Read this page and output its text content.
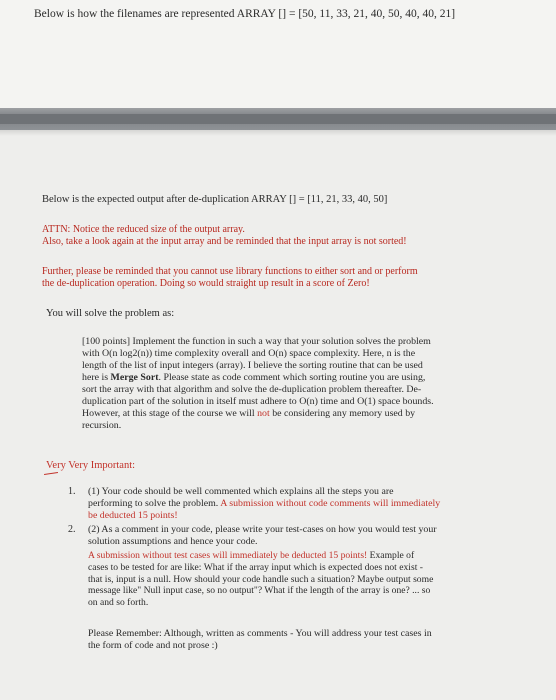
Below is how the filenames are represented ARRAY [] = [50, 11, 33, 21, 40, 50, 40, 40, 21]
Below is the expected output after de-duplication ARRAY [] = [11, 21, 33, 40, 50]
ATTN: Notice the reduced size of the output array.
Also, take a look again at the input array and be reminded that the input array is not sorted!
Further, please be reminded that you cannot use library functions to either sort and or perform
the de-duplication operation. Doing so would straight up result in a score of Zero!
You will solve the problem as:
[100 points] Implement the function in such a way that your solution solves the problem
with O(n log2(n)) time complexity overall and O(n) space complexity. Here, n is the
length of the list of input integers (array). I believe the sorting routine that can be used
here is Merge Sort. Please state as code comment which sorting routine you are using,
sort the array with that algorithm and solve the de-duplication problem thereafter. De-
duplication part of the solution in itself must adhere to O(n) time and O(1) space bounds.
However, at this stage of the course we will not be considering any memory used by
recursion.
Very Very Important:
1. (1) Your code should be well commented which explains all the steps you are
performing to solve the problem. A submission without code comments will immediately
be deducted 15 points!
2. (2) As a comment in your code, please write your test-cases on how you would test your
solution assumptions and hence your code.
A submission without test cases will immediately be deducted 15 points! Example of
cases to be tested for are like: What if the array input which is expected does not exist -
that is, input is a null. How should your code handle such a situation? Maybe output some
message like" Null input case, so no output"? What if the length of the array is one? ... so
on and so forth.
Please Remember: Although, written as comments - You will address your test cases in
the form of code and not prose :)
